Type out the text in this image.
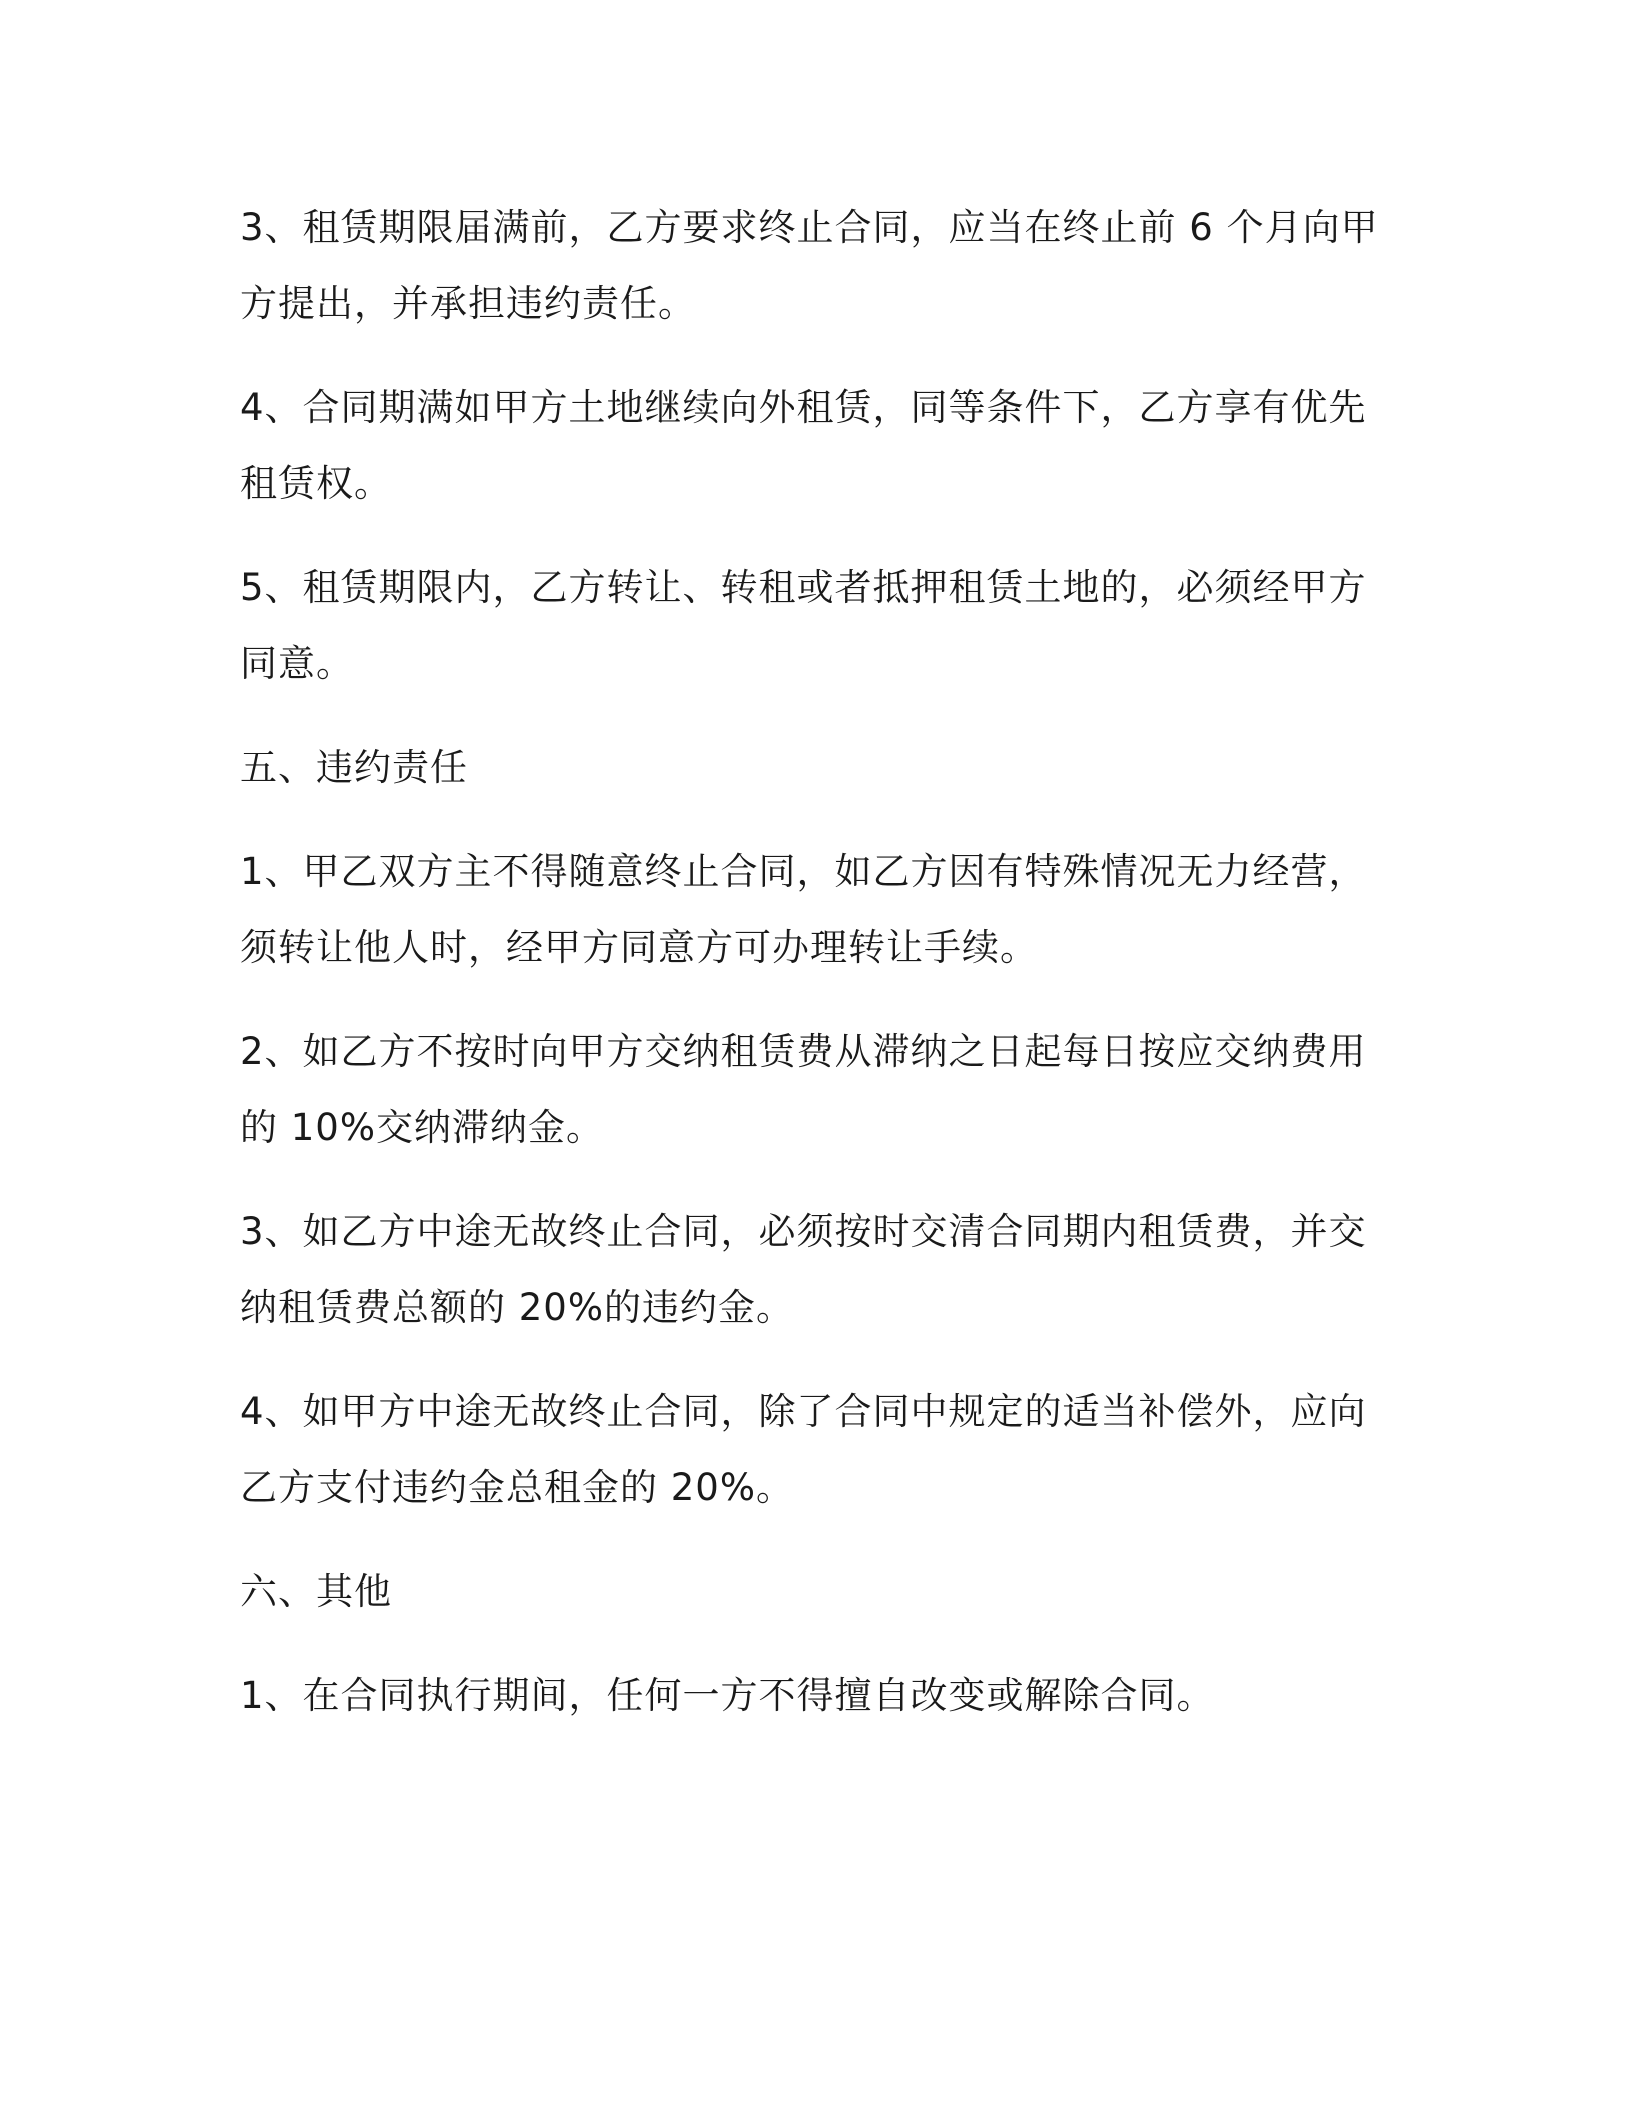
3、租赁期限届满前，乙方要求终止合同，应当在终止前 6 个月向甲方提出，并承担违约责任。

4、合同期满如甲方土地继续向外租赁，同等条件下，乙方享有优先租赁权。

5、租赁期限内，乙方转让、转租或者抵押租赁土地的，必须经甲方同意。

五、违约责任

1、甲乙双方主不得随意终止合同，如乙方因有特殊情况无力经营，须转让他人时，经甲方同意方可办理转让手续。

2、如乙方不按时向甲方交纳租赁费从滞纳之日起每日按应交纳费用的 10%交纳滞纳金。

3、如乙方中途无故终止合同，必须按时交清合同期内租赁费，并交纳租赁费总额的 20%的违约金。

4、如甲方中途无故终止合同，除了合同中规定的适当补偿外，应向乙方支付违约金总租金的 20%。

六、其他

1、在合同执行期间，任何一方不得擅自改变或解除合同。
